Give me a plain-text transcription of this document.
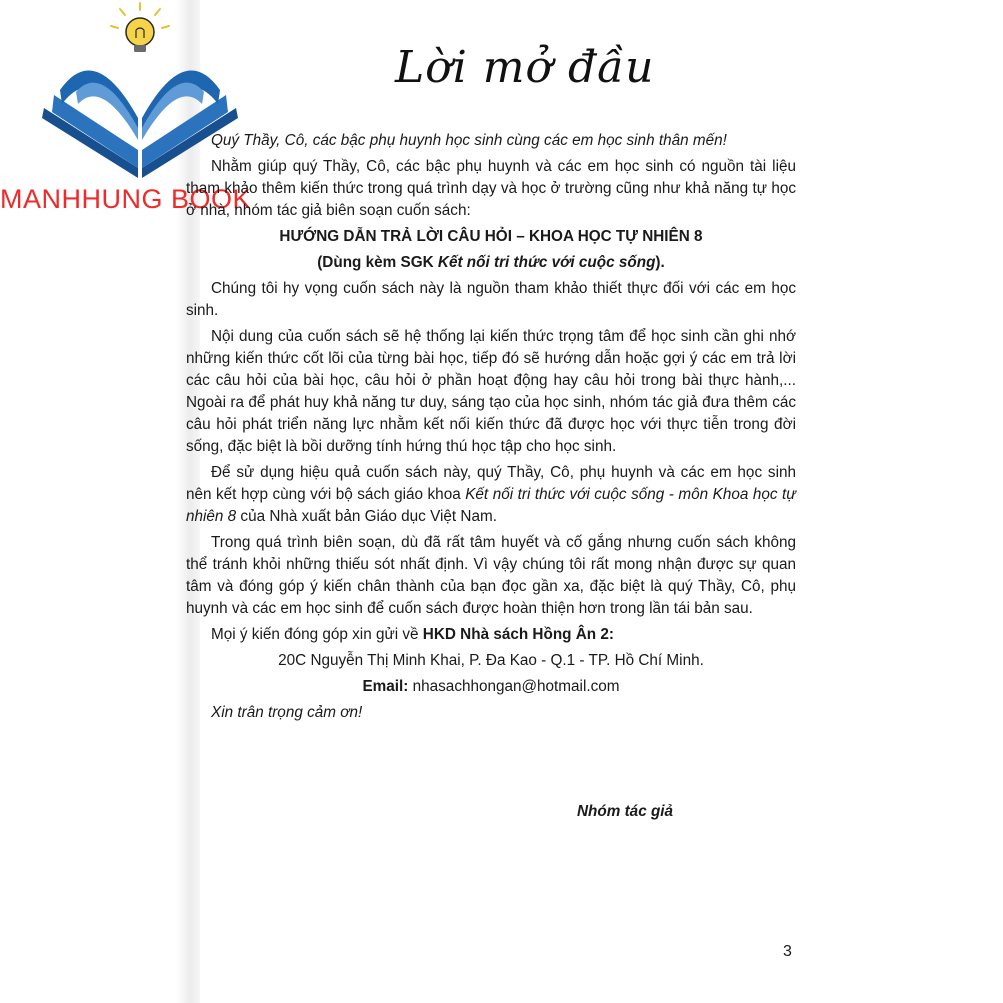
MANHHUNG BOOK
Lời mở đầu

Quý Thầy, Cô, các bậc phụ huynh học sinh cùng các em học sinh thân mến!

Nhằm giúp quý Thầy, Cô, các bậc phụ huynh và các em học sinh có nguồn tài liệu tham khảo thêm kiến thức trong quá trình dạy và học ở trường cũng như khả năng tự học ở nhà, nhóm tác giả biên soạn cuốn sách:

HƯỚNG DẪN TRẢ LỜI CÂU HỎI – KHOA HỌC TỰ NHIÊN 8

(Dùng kèm SGK Kết nối tri thức với cuộc sống).

Chúng tôi hy vọng cuốn sách này là nguồn tham khảo thiết thực đối với các em học sinh.

Nội dung của cuốn sách sẽ hệ thống lại kiến thức trọng tâm để học sinh cần ghi nhớ những kiến thức cốt lõi của từng bài học, tiếp đó sẽ hướng dẫn hoặc gợi ý các em trả lời các câu hỏi của bài học, câu hỏi ở phần hoạt động hay câu hỏi trong bài thực hành,... Ngoài ra để phát huy khả năng tư duy, sáng tạo của học sinh, nhóm tác giả đưa thêm các câu hỏi phát triển năng lực nhằm kết nối kiến thức đã được học với thực tiễn trong đời sống, đặc biệt là bồi dưỡng tính hứng thú học tập cho học sinh.

Để sử dụng hiệu quả cuốn sách này, quý Thầy, Cô, phụ huynh và các em học sinh nên kết hợp cùng với bộ sách giáo khoa Kết nối tri thức với cuộc sống - môn Khoa học tự nhiên 8 của Nhà xuất bản Giáo dục Việt Nam.

Trong quá trình biên soạn, dù đã rất tâm huyết và cố gắng nhưng cuốn sách không thể tránh khỏi những thiếu sót nhất định. Vì vậy chúng tôi rất mong nhận được sự quan tâm và đóng góp ý kiến chân thành của bạn đọc gần xa, đặc biệt là quý Thầy, Cô, phụ huynh và các em học sinh để cuốn sách được hoàn thiện hơn trong lần tái bản sau.

Mọi ý kiến đóng góp xin gửi về HKD Nhà sách Hồng Ân 2:

20C Nguyễn Thị Minh Khai, P. Đa Kao - Q.1 - TP. Hồ Chí Minh.

Email: nhasachhongan@hotmail.com

Xin trân trọng cảm ơn!

Nhóm tác giả
3
